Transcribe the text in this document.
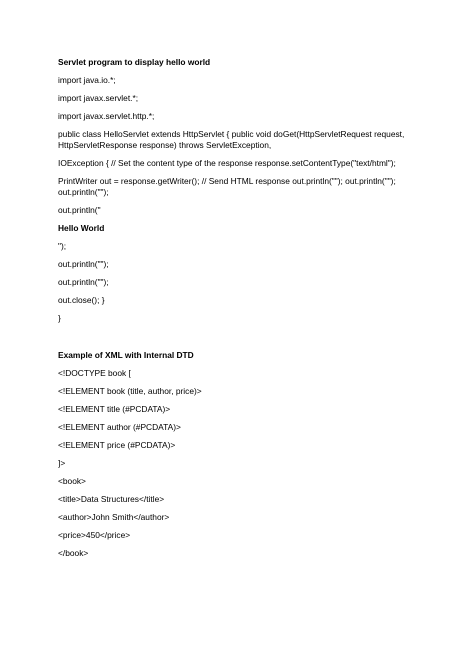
Servlet program to display hello world
import java.io.*;
import javax.servlet.*;
import javax.servlet.http.*;
public class HelloServlet extends HttpServlet { public void doGet(HttpServletRequest request,
HttpServletResponse response) throws ServletException,
IOException { // Set the content type of the response response.setContentType("text/html");
PrintWriter out = response.getWriter(); // Send HTML response out.println(""); out.println("");
out.println("");
out.println("
Hello World
");
out.println("");
out.println("");
out.close(); }
}
Example of XML with Internal DTD
<!DOCTYPE book [
<!ELEMENT book (title, author, price)>
<!ELEMENT title (#PCDATA)>
<!ELEMENT author (#PCDATA)>
<!ELEMENT price (#PCDATA)>
]>
<book>
<title>Data Structures</title>
<author>John Smith</author>
<price>450</price>
</book>
